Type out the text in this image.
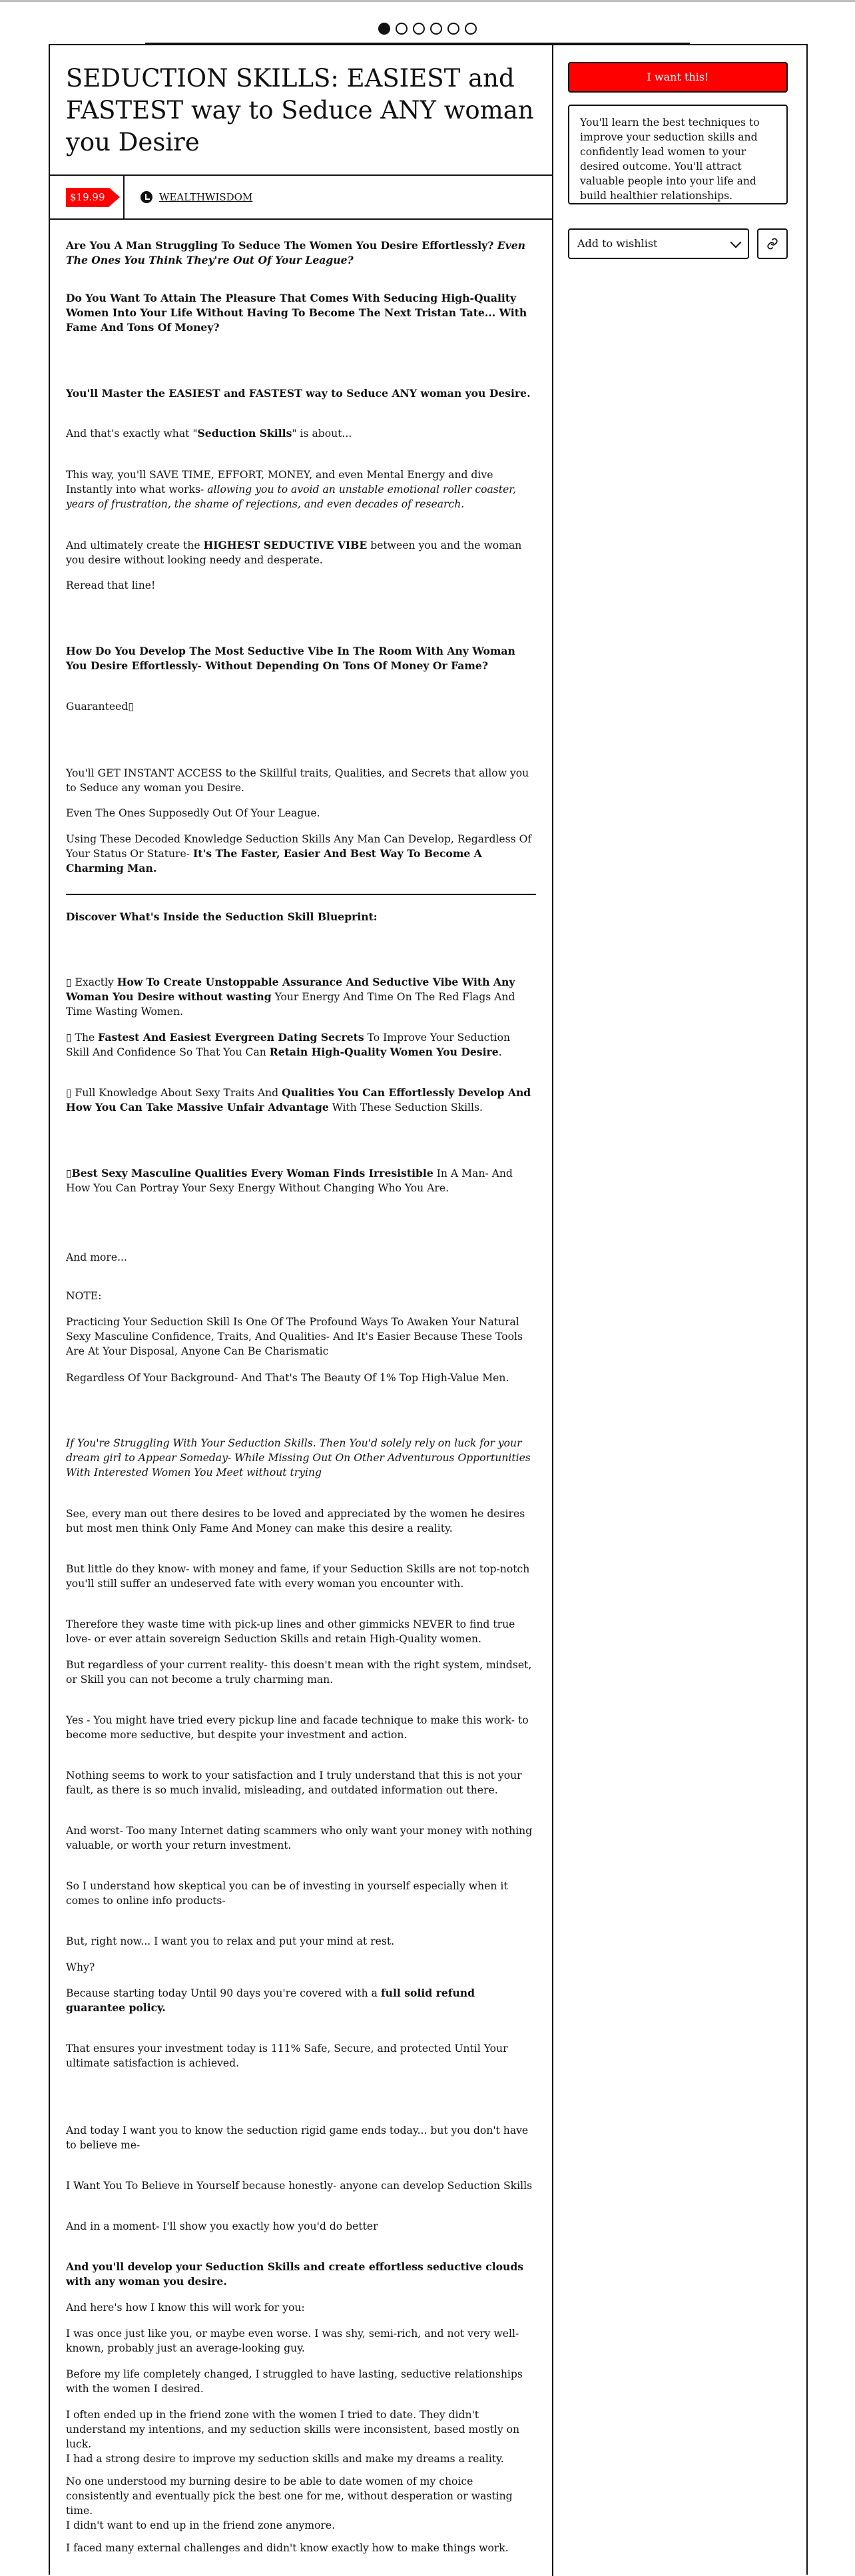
SEDUCTION SKILLS: EASIEST and FASTEST way to Seduce ANY woman you Desire
$19.99	WEALTHWISDOM

Are You A Man Struggling To Seduce The Women You Desire Effortlessly? Even The Ones You Think They're Out Of Your League?

Do You Want To Attain The Pleasure That Comes With Seducing High-Quality Women Into Your Life Without Having To Become The Next Tristan Tate... With Fame And Tons Of Money?

You'll Master the EASIEST and FASTEST way to Seduce ANY woman you Desire.

And that's exactly what "Seduction Skills" is about...

This way, you'll SAVE TIME, EFFORT, MONEY, and even Mental Energy and dive Instantly into what works- allowing you to avoid an unstable emotional roller coaster, years of frustration, the shame of rejections, and even decades of research.

And ultimately create the HIGHEST SEDUCTIVE VIBE between you and the woman you desire without looking needy and desperate.

Reread that line!

How Do You Develop The Most Seductive Vibe In The Room With Any Woman You Desire Effortlessly- Without Depending On Tons Of Money Or Fame?

Guaranteed▯

You'll GET INSTANT ACCESS to the Skillful traits, Qualities, and Secrets that allow you to Seduce any woman you Desire.

Even The Ones Supposedly Out Of Your League.

Using These Decoded Knowledge Seduction Skills Any Man Can Develop, Regardless Of Your Status Or Stature- It's The Faster, Easier And Best Way To Become A Charming Man.

Discover What's Inside the Seduction Skill Blueprint:

▯ Exactly How To Create Unstoppable Assurance And Seductive Vibe With Any Woman You Desire without wasting Your Energy And Time On The Red Flags And Time Wasting Women.

▯ The Fastest And Easiest Evergreen Dating Secrets To Improve Your Seduction Skill And Confidence So That You Can Retain High-Quality Women You Desire.

▯ Full Knowledge About Sexy Traits And Qualities You Can Effortlessly Develop And How You Can Take Massive Unfair Advantage With These Seduction Skills.

▯Best Sexy Masculine Qualities Every Woman Finds Irresistible In A Man- And How You Can Portray Your Sexy Energy Without Changing Who You Are.

And more...

NOTE:

Practicing Your Seduction Skill Is One Of The Profound Ways To Awaken Your Natural Sexy Masculine Confidence, Traits, And Qualities- And It's Easier Because These Tools Are At Your Disposal, Anyone Can Be Charismatic

Regardless Of Your Background- And That's The Beauty Of 1% Top High-Value Men.

If You're Struggling With Your Seduction Skills. Then You'd solely rely on luck for your dream girl to Appear Someday- While Missing Out On Other Adventurous Opportunities With Interested Women You Meet without trying

See, every man out there desires to be loved and appreciated by the women he desires but most men think Only Fame And Money can make this desire a reality.

But little do they know- with money and fame, if your Seduction Skills are not top-notch you'll still suffer an undeserved fate with every woman you encounter with.

Therefore they waste time with pick-up lines and other gimmicks NEVER to find true love- or ever attain sovereign Seduction Skills and retain High-Quality women.

But regardless of your current reality- this doesn't mean with the right system, mindset, or Skill you can not become a truly charming man.

Yes - You might have tried every pickup line and facade technique to make this work- to become more seductive, but despite your investment and action.

Nothing seems to work to your satisfaction and I truly understand that this is not your fault, as there is so much invalid, misleading, and outdated information out there.

And worst- Too many Internet dating scammers who only want your money with nothing valuable, or worth your return investment.

So I understand how skeptical you can be of investing in yourself especially when it comes to online info products-

But, right now... I want you to relax and put your mind at rest.

Why?

Because starting today Until 90 days you're covered with a full solid refund guarantee policy.

That ensures your investment today is 111% Safe, Secure, and protected Until Your ultimate satisfaction is achieved.

And today I want you to know the seduction rigid game ends today... but you don't have to believe me-

I Want You To Believe in Yourself because honestly- anyone can develop Seduction Skills

And in a moment- I'll show you exactly how you'd do better

And you'll develop your Seduction Skills and create effortless seductive clouds with any woman you desire.

And here's how I know this will work for you:

I was once just like you, or maybe even worse. I was shy, semi-rich, and not very well-known, probably just an average-looking guy.

Before my life completely changed, I struggled to have lasting, seductive relationships with the women I desired.

I often ended up in the friend zone with the women I tried to date. They didn't understand my intentions, and my seduction skills were inconsistent, based mostly on luck.

I had a strong desire to improve my seduction skills and make my dreams a reality.

No one understood my burning desire to be able to date women of my choice consistently and eventually pick the best one for me, without desperation or wasting time.

I didn't want to end up in the friend zone anymore.

I faced many external challenges and didn't know exactly how to make things work.

I want this!
You'll learn the best techniques to improve your seduction skills and confidently lead women to your desired outcome. You'll attract valuable people into your life and build healthier relationships.
Add to wishlist
